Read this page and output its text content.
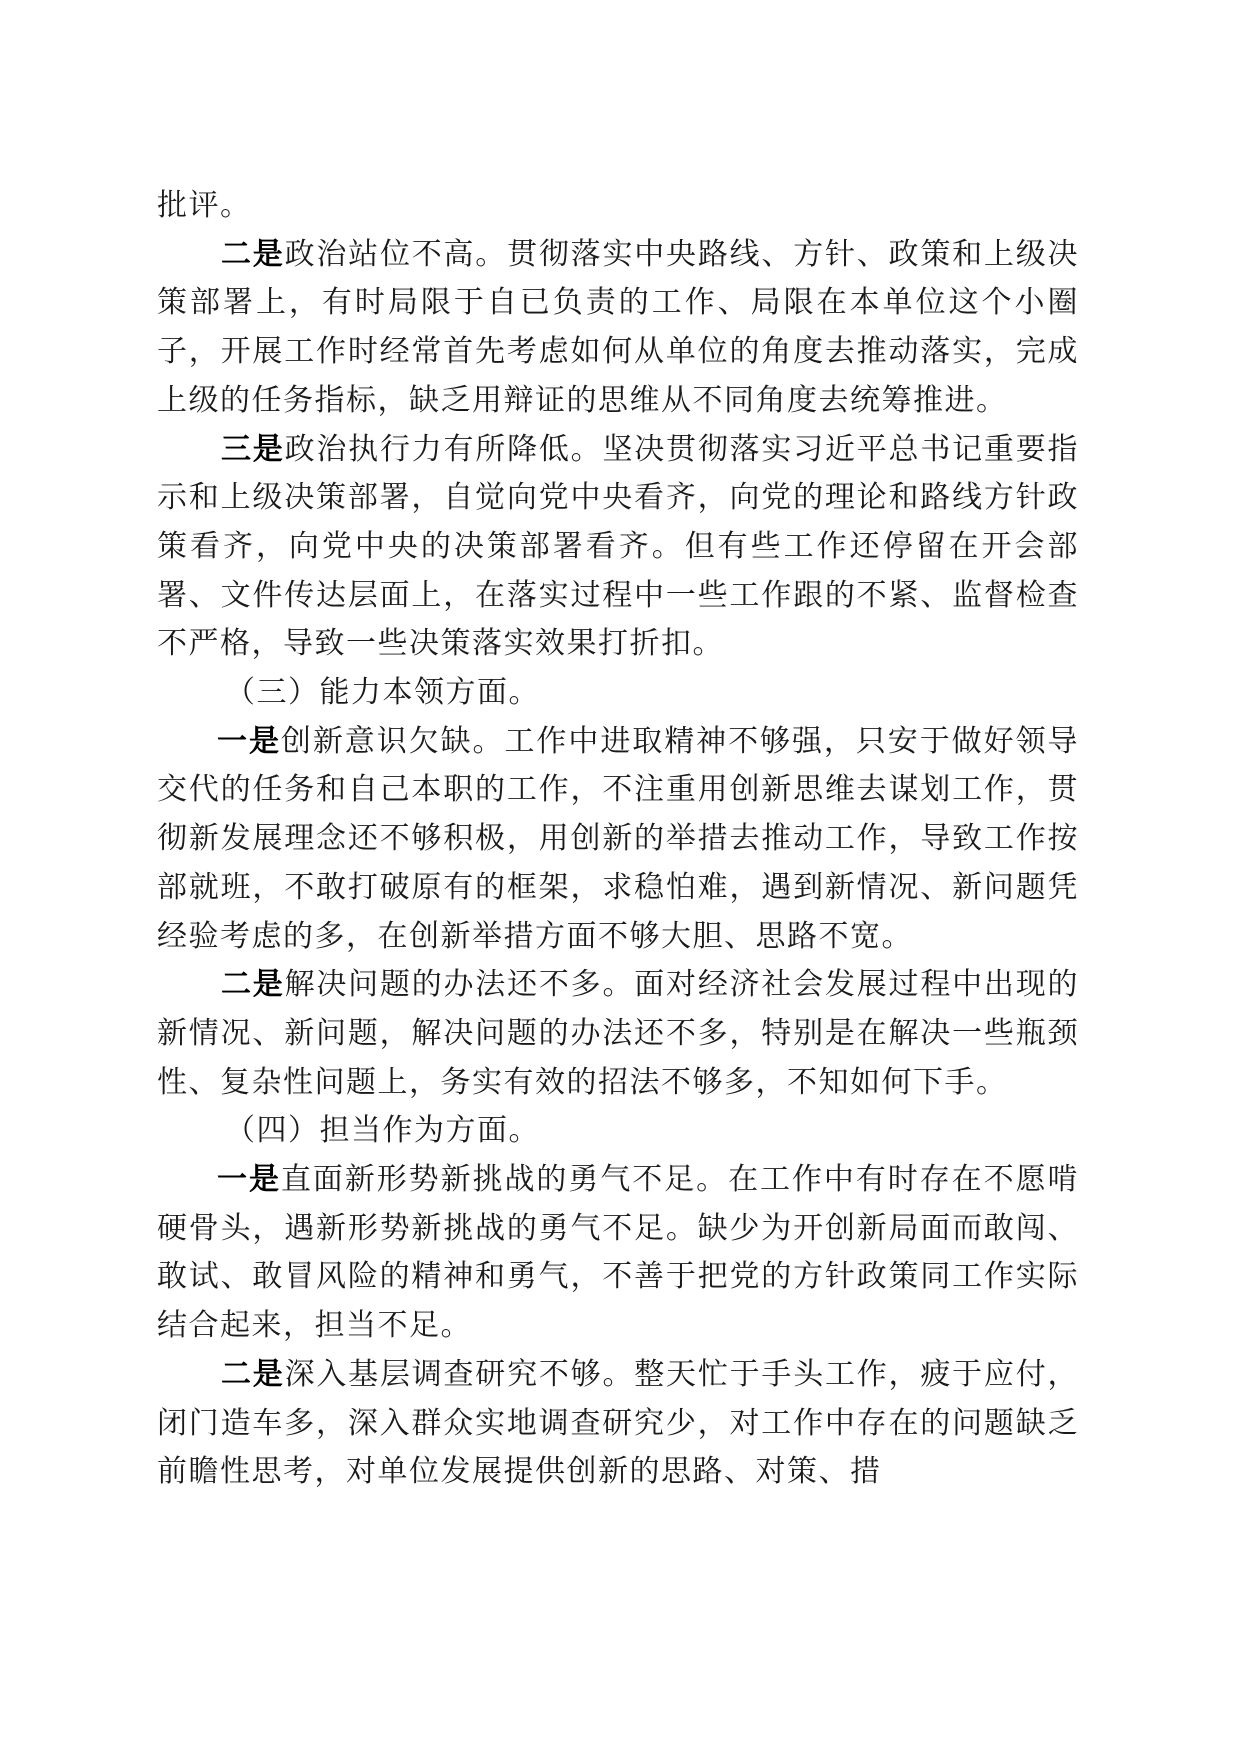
批评。

二是政治站位不高。贯彻落实中央路线、方针、政策和上级决策部署上，有时局限于自已负责的工作、局限在本单位这个小圈子，开展工作时经常首先考虑如何从单位的角度去推动落实，完成上级的任务指标，缺乏用辩证的思维从不同角度去统筹推进。

三是政治执行力有所降低。坚决贯彻落实习近平总书记重要指示和上级决策部署，自觉向党中央看齐，向党的理论和路线方针政策看齐，向党中央的决策部署看齐。但有些工作还停留在开会部署、文件传达层面上，在落实过程中一些工作跟的不紧、监督检查不严格，导致一些决策落实效果打折扣。

（三）能力本领方面。

一是创新意识欠缺。工作中进取精神不够强，只安于做好领导交代的任务和自己本职的工作，不注重用创新思维去谋划工作，贯彻新发展理念还不够积极，用创新的举措去推动工作，导致工作按部就班，不敢打破原有的框架，求稳怕难，遇到新情况、新问题凭经验考虑的多，在创新举措方面不够大胆、思路不宽。

二是解决问题的办法还不多。面对经济社会发展过程中出现的新情况、新问题，解决问题的办法还不多，特别是在解决一些瓶颈性、复杂性问题上，务实有效的招法不够多，不知如何下手。

（四）担当作为方面。

一是直面新形势新挑战的勇气不足。在工作中有时存在不愿啃硬骨头，遇新形势新挑战的勇气不足。缺少为开创新局面而敢闯、敢试、敢冒风险的精神和勇气，不善于把党的方针政策同工作实际结合起来，担当不足。

二是深入基层调查研究不够。整天忙于手头工作，疲于应付，闭门造车多，深入群众实地调查研究少，对工作中存在的问题缺乏前瞻性思考，对单位发展提供创新的思路、对策、措
